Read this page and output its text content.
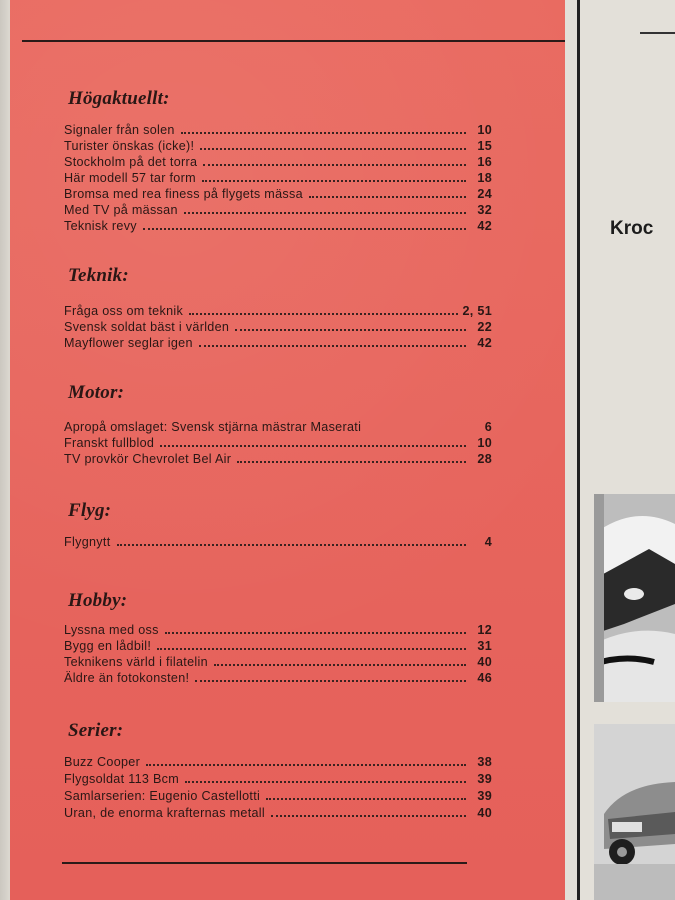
Högaktuellt:
Signaler från solen	10
Turister önskas (icke)!	15
Stockholm på det torra	16
Här modell 57 tar form	18
Bromsa med rea finess på flygets mässa	24
Med TV på mässan	32
Teknisk revy	42
Teknik:
Fråga oss om teknik	2, 51
Svensk soldat bäst i världen	22
Mayflower seglar igen	42
Motor:
Apropå omslaget: Svensk stjärna mästrar Maserati	6
Franskt fullblod	10
TV provkör Chevrolet Bel Air	28
Flyg:
Flygnytt	4
Hobby:
Lyssna med oss	12
Bygg en lådbil!	31
Teknikens värld i filatelin	40
Äldre än fotokonsten!	46
Serier:
Buzz Cooper	38
Flygsoldat 113 Bcm	39
Samlarserien: Eugenio Castellotti	39
Uran, de enorma krafternas metall	40
Kroc
